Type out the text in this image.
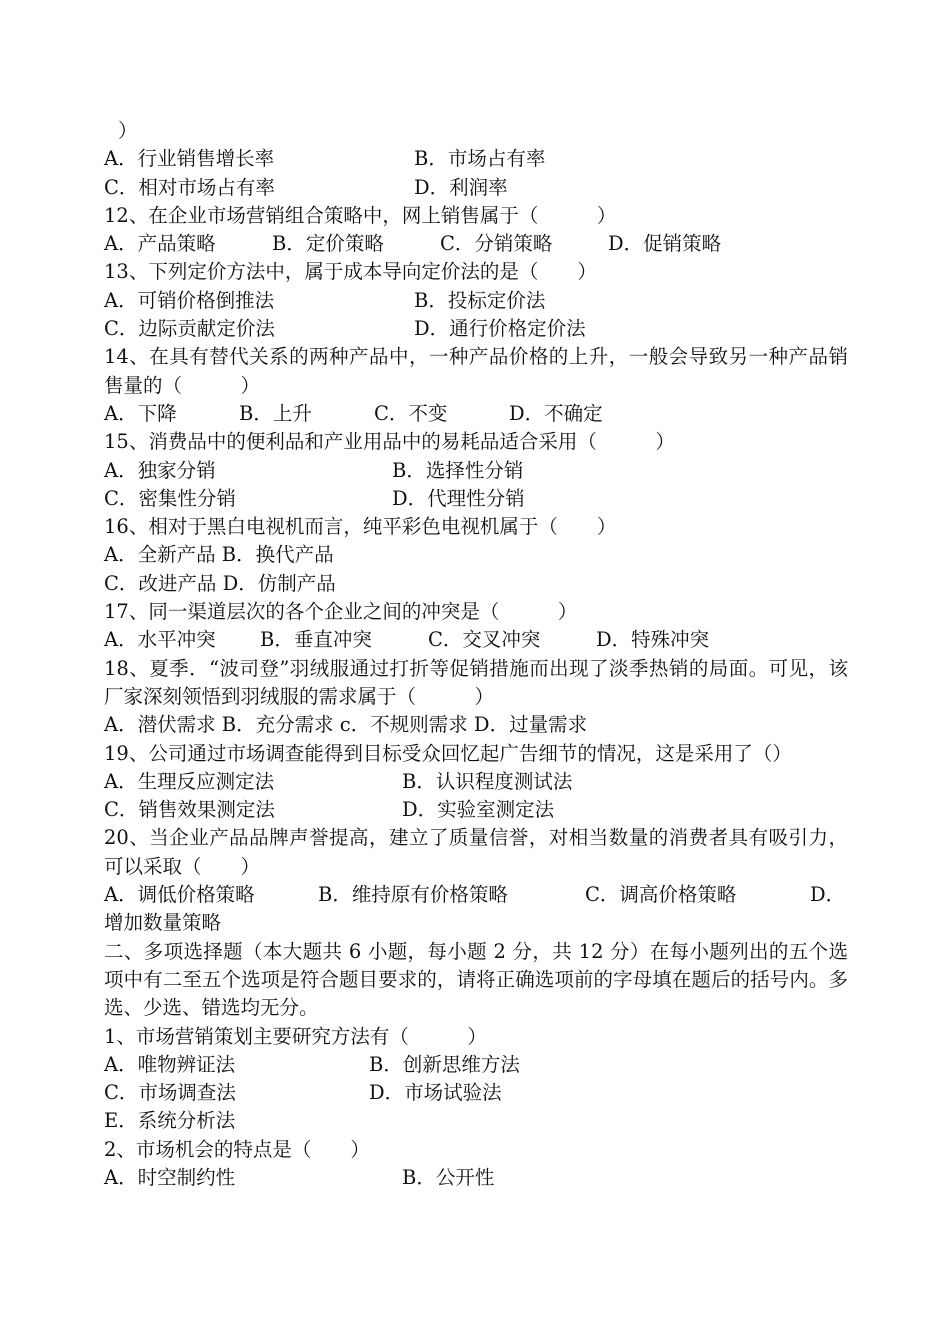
）
A．行业销售增长率	B．市场占有率
C．相对市场占有率	D．利润率
12、在企业市场营销组合策略中，网上销售属于（　　　）
A．产品策略	B．定价策略	C．分销策略	D．促销策略
13、下列定价方法中，属于成本导向定价法的是（　　）
A．可销价格倒推法	B．投标定价法
C．边际贡献定价法	D．通行价格定价法
14、在具有替代关系的两种产品中，一种产品价格的上升，一般会导致另一种产品销售量的（　　　）
A．下降	B．上升	C．不变	D．不确定
15、消费品中的便利品和产业用品中的易耗品适合采用（　　　）
A．独家分销	B．选择性分销
C．密集性分销	D．代理性分销
16、相对于黑白电视机而言，纯平彩色电视机属于（　　）
A．全新产品 B．换代产品
C．改进产品 D．仿制产品
17、同一渠道层次的各个企业之间的冲突是（　　　）
A．水平冲突	B．垂直冲突	C．交叉冲突	D．特殊冲突
18、夏季．“波司登”羽绒服通过打折等促销措施而出现了淡季热销的局面。可见，该厂家深刻领悟到羽绒服的需求属于（　　　）
A．潜伏需求 B．充分需求 c．不规则需求 D．过量需求
19、公司通过市场调查能得到目标受众回忆起广告细节的情况，这是采用了（）
A．生理反应测定法	B．认识程度测试法
C．销售效果测定法	D．实验室测定法
20、当企业产品品牌声誉提高，建立了质量信誉，对相当数量的消费者具有吸引力，可以采取（　　）
A．调低价格策略	B．维持原有价格策略	C．调高价格策略	D．
增加数量策略
二、多项选择题（本大题共 6 小题，每小题 2 分，共 12 分）在每小题列出的五个选项中有二至五个选项是符合题目要求的，请将正确选项前的字母填在题后的括号内。多选、少选、错选均无分。
1、市场营销策划主要研究方法有（　　　）
A．唯物辨证法	B．创新思维方法
C．市场调查法	D．市场试验法
E．系统分析法
2、市场机会的特点是（　　）
A．时空制约性	B．公开性
